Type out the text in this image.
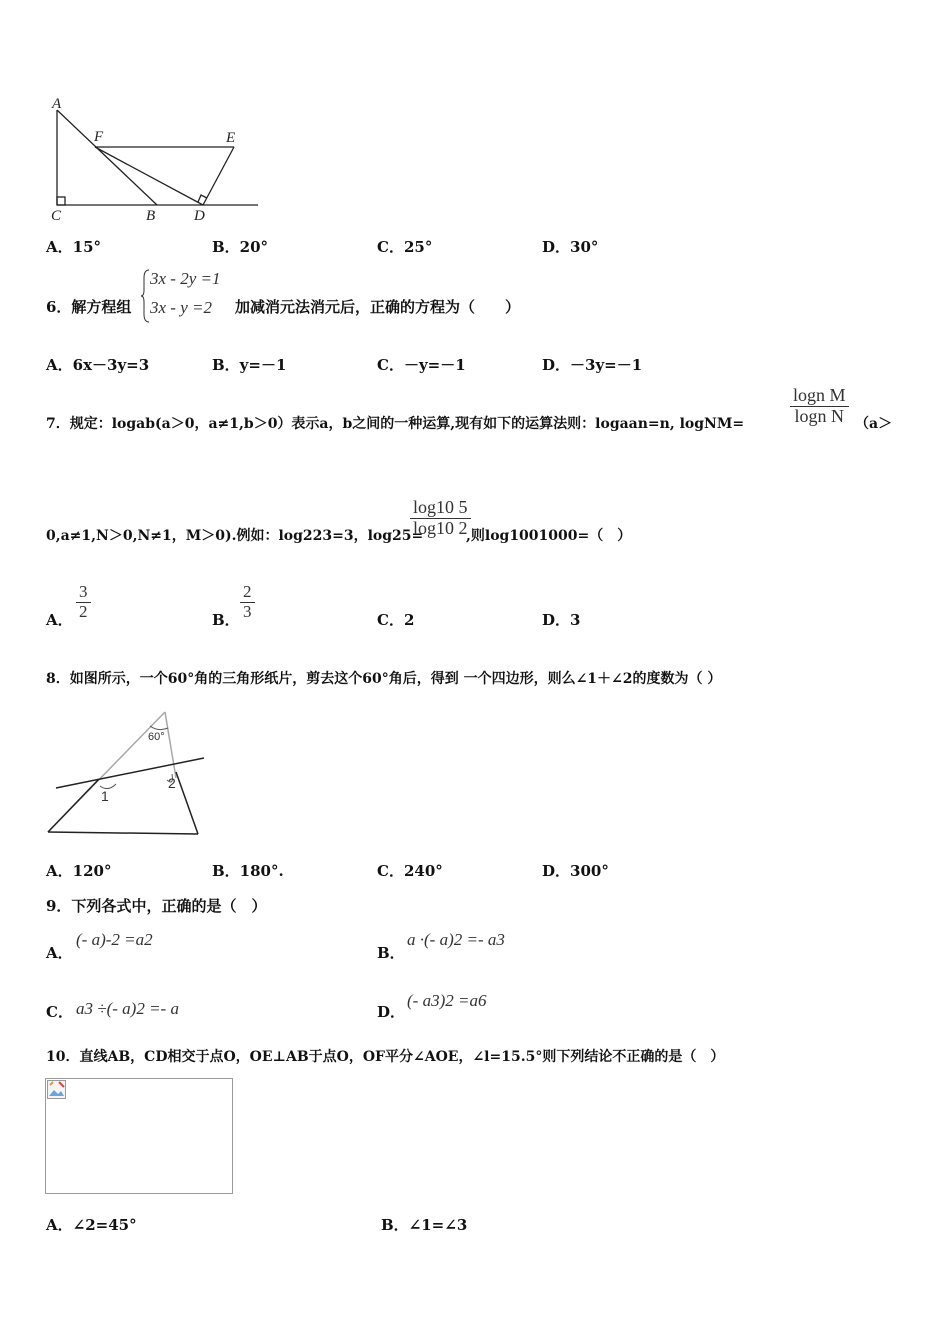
A
F	E
C	B	D
A．15°	B．20°	C．25°	D．30°
6．解方程组
3x - 2y =1
3x - y =2 加减消元法消元后，正确的方程为（　　）
A．6x－3y=3	B．y=－1	C．－y=－1	D．－3y=－1
7．规定：logab(a＞0，a≠1,b＞0）表示a，b之间的一种运算,现有如下的运算法则：logaan=n, logNM=	$\frac{\text{logn M}}{\text{logn N}} (a>$
0,a≠1,N＞0,N≠1，M＞0).例如：log223=3，log25=
$\frac{\log 10 5}{\log 10 2}$
,则log1001000=（　）
A． $\frac{3}{2}$	B． $\frac{2}{3}$	C．2	D．3
8．如图所示，一个60°角的三角形纸片，剪去这个60°角后，得到 一个四边形，则么∠1＋∠2的度数为（ ）
60°
1
2
A．120°	B．180°.	C．240°	D．300°
9．下列各式中，正确的是（　）
A．
(- a)-2 =a2
B．
a ·(- a)2 =- a3
C． a3 ÷(- a)2 =- a	D．
(- a3)2 =a6
10．直线AB，CD相交于点O，OE⊥AB于点O，OF平分∠AOE，∠l=15.5°则下列结论不正确的是（　）
A．∠2=45°	B．∠1=∠3
